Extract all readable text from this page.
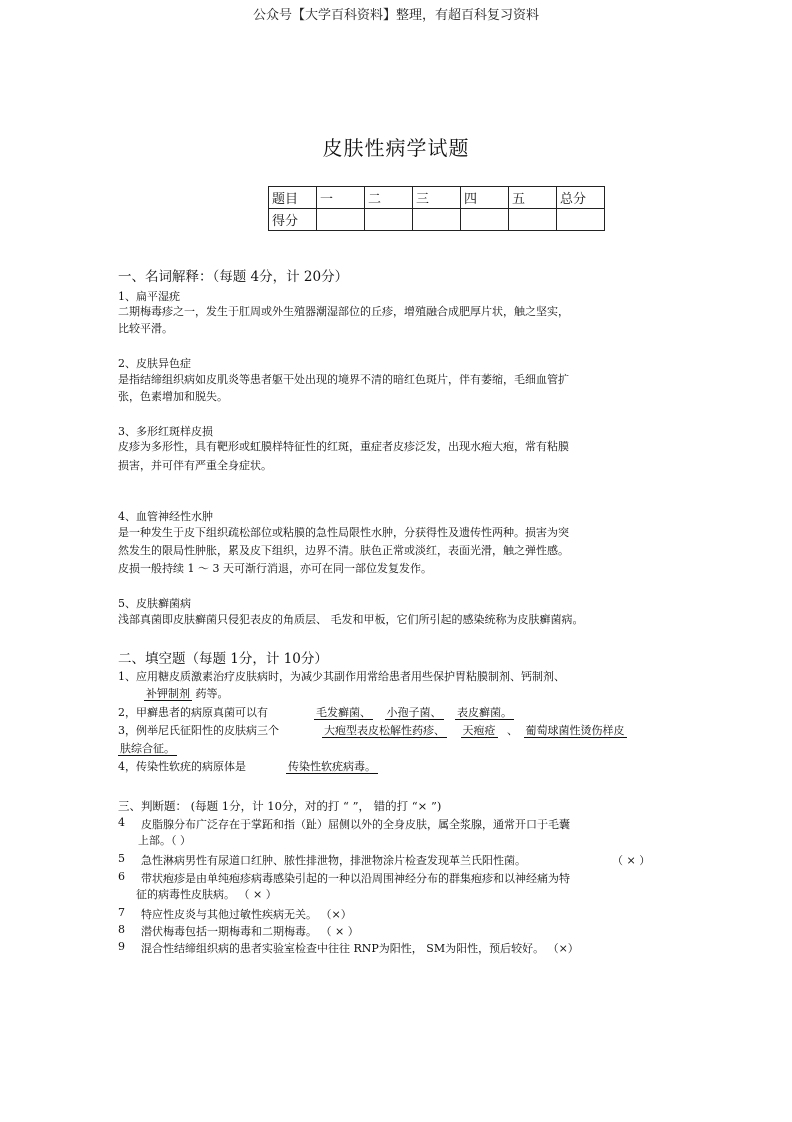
公众号【大学百科资料】整理，有超百科复习资料
皮肤性病学试题
题目	一	二	三	四	五	总分
得分						
一、名词解释：（每题 4分，计 20分）
1、扁平湿疣
二期梅毒疹之一，发生于肛周或外生殖器潮湿部位的丘疹，增殖融合成肥厚片状，触之坚实，
比较平滑。
2、皮肤异色症
是指结缔组织病如皮肌炎等患者躯干处出现的境界不清的暗红色斑片，伴有萎缩，毛细血管扩
张，色素增加和脱失。
3、多形红斑样皮损
皮疹为多形性，具有靶形或虹膜样特征性的红斑，重症者皮疹泛发，出现水疱大疱，常有粘膜
损害，并可伴有严重全身症状。
4、血管神经性水肿
是一种发生于皮下组织疏松部位或粘膜的急性局限性水肿，分获得性及遗传性两种。损害为突
然发生的限局性肿胀，累及皮下组织，边界不清。肤色正常或淡红，表面光滑，触之弹性感。
皮损一般持续 1 ～ 3 天可渐行消退，亦可在同一部位发复发作。
5、皮肤癣菌病
浅部真菌即皮肤癣菌只侵犯表皮的角质层、 毛发和甲板，它们所引起的感染统称为皮肤癣菌病。
二、填空题（每题 1分，计 10分）
1、应用糖皮质激素治疗皮肤病时，为减少其副作用常给患者用些保护胃粘膜制剂、钙制剂、
补钾制剂 药等。
2，甲癣患者的病原真菌可以有	毛发癣菌、 小孢子菌、 表皮癣菌。
3，例举尼氏征阳性的皮肤病三个	大疱型表皮松解性药疹、 天疱疮 、 葡萄球菌性烫伤样皮
肤综合征。
4，传染性软疣的病原体是	传染性软疣病毒。
三、判断题： (每题 1分，计 10分，对的打 “ ”， 错的打 “× ”)
4 皮脂腺分布广泛存在于掌跖和指（趾）屈侧以外的全身皮肤，属全浆腺，通常开口于毛囊
上部。（ ）
5 急性淋病男性有尿道口红肿、脓性排泄物，排泄物涂片检查发现革兰氏阳性菌。	（ × ）
6 带状疱疹是由单纯疱疹病毒感染引起的一种以沿周围神经分布的群集疱疹和以神经痛为特
征的病毒性皮肤病。 （ × ）
7 特应性皮炎与其他过敏性疾病无关。 （×）
8 潜伏梅毒包括一期梅毒和二期梅毒。 （ × ）
9 混合性结缔组织病的患者实验室检查中往往 RNP为阳性， SM为阳性，预后较好。 （×）
